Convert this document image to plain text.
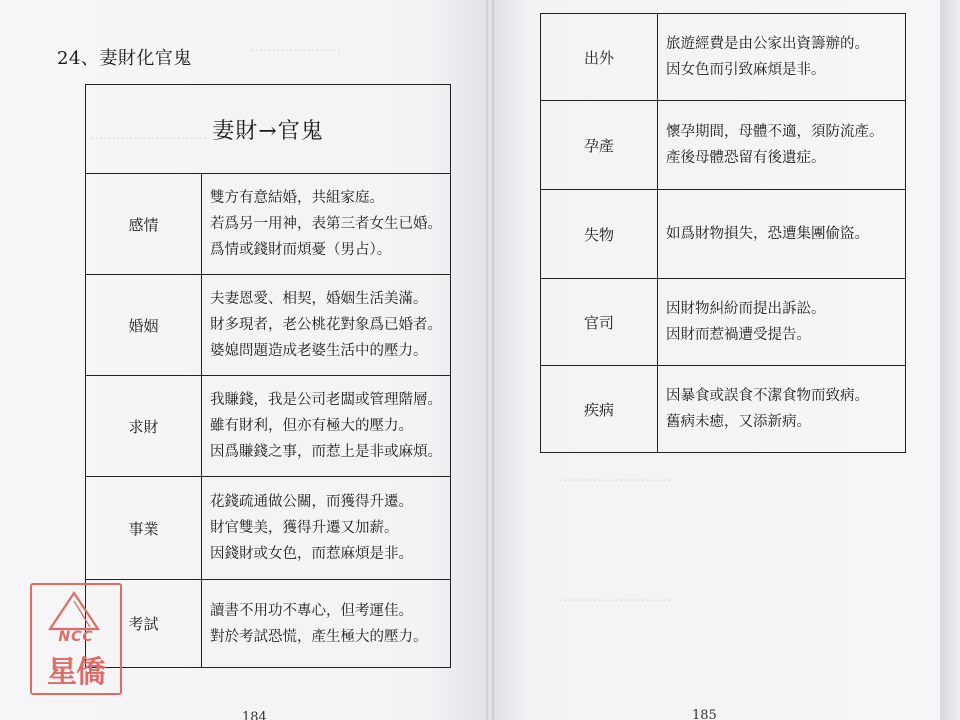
…………………
………………………
24、妻財化官鬼
妻財→官鬼	
感情	雙方有意結婚，共組家庭。
若爲另一用神，表第三者女生已婚。
爲情或錢財而煩憂（男占）。

婚姻	夫妻恩愛、相契，婚姻生活美滿。
財多現者，老公桃花對象爲已婚者。
婆媳問題造成老婆生活中的壓力。

求財	我賺錢，我是公司老闆或管理階層。
雖有財利，但亦有極大的壓力。
因爲賺錢之事，而惹上是非或麻煩。

事業	花錢疏通做公關，而獲得升遷。
財官雙美，獲得升遷又加薪。
因錢財或女色，而惹麻煩是非。

考試	讀書不用功不專心，但考運佳。
對於考試恐慌，產生極大的壓力。
184
NCC
星僑
………………………
………………………
出外	旅遊經費是由公家出資籌辦的。
因女色而引致麻煩是非。

孕產	懷孕期間，母體不適，須防流產。
產後母體恐留有後遺症。

失物	如爲財物損失，恐遭集團偷盜。

官司	因財物糾紛而提出訴訟。
因財而惹禍遭受提告。

疾病	因暴食或誤食不潔食物而致病。
舊病未癒，又添新病。
185
